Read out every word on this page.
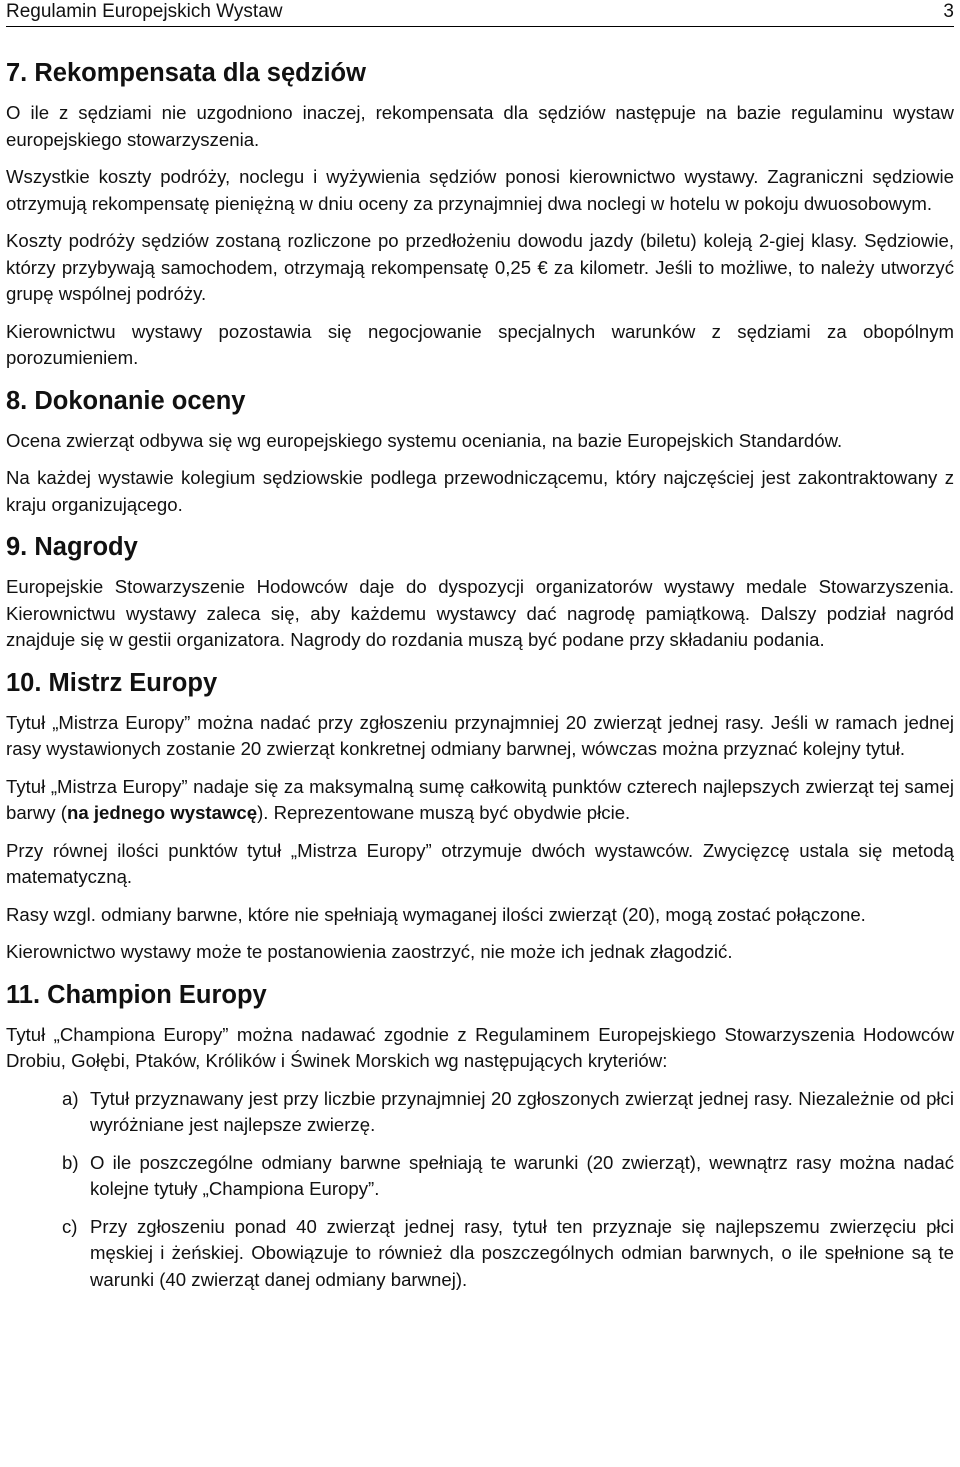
Regulamin Europejskich Wystaw	3
7. Rekompensata dla sędziów

O ile z sędziami nie uzgodniono inaczej, rekompensata dla sędziów następuje na bazie regulaminu wystaw europejskiego stowarzyszenia.

Wszystkie koszty podróży, noclegu i wyżywienia sędziów ponosi kierownictwo wystawy. Zagraniczni sędziowie otrzymują rekompensatę pieniężną w dniu oceny za przynajmniej dwa noclegi w hotelu w pokoju dwuosobowym.

Koszty podróży sędziów zostaną rozliczone po przedłożeniu dowodu jazdy (biletu) koleją 2-giej klasy. Sędziowie, którzy przybywają samochodem, otrzymają rekompensatę 0,25 € za kilometr. Jeśli to możliwe, to należy utworzyć grupę wspólnej podróży.

Kierownictwu wystawy pozostawia się negocjowanie specjalnych warunków z sędziami za obopólnym porozumieniem.

8. Dokonanie oceny

Ocena zwierząt odbywa się wg europejskiego systemu oceniania, na bazie Europejskich Standardów.

Na każdej wystawie kolegium sędziowskie podlega przewodniczącemu, który najczęściej jest zakontraktowany z kraju organizującego.

9. Nagrody

Europejskie Stowarzyszenie Hodowców daje do dyspozycji organizatorów wystawy medale Stowarzyszenia. Kierownictwu wystawy zaleca się, aby każdemu wystawcy dać nagrodę pamiątkową. Dalszy podział nagród znajduje się w gestii organizatora. Nagrody do rozdania muszą być podane przy składaniu podania.

10. Mistrz Europy

Tytuł „Mistrza Europy” można nadać przy zgłoszeniu przynajmniej 20 zwierząt jednej rasy. Jeśli w ramach jednej rasy wystawionych zostanie 20 zwierząt konkretnej odmiany barwnej, wówczas można przyznać kolejny tytuł.

Tytuł „Mistrza Europy” nadaje się za maksymalną sumę całkowitą punktów czterech najlepszych zwierząt tej samej barwy (na jednego wystawcę). Reprezentowane muszą być obydwie płcie.

Przy równej ilości punktów tytuł „Mistrza Europy” otrzymuje dwóch wystawców. Zwycięzcę ustala się metodą matematyczną.

Rasy wzgl. odmiany barwne, które nie spełniają wymaganej ilości zwierząt (20), mogą zostać połączone.

Kierownictwo wystawy może te postanowienia zaostrzyć, nie może ich jednak złagodzić.

11. Champion Europy

Tytuł „Championa Europy” można nadawać zgodnie z Regulaminem Europejskiego Stowarzyszenia Hodowców Drobiu, Gołębi, Ptaków, Królików i Świnek Morskich wg następujących kryteriów:

a) Tytuł przyznawany jest przy liczbie przynajmniej 20 zgłoszonych zwierząt jednej rasy. Niezależnie od płci wyróżniane jest najlepsze zwierzę.
b) O ile poszczególne odmiany barwne spełniają te warunki (20 zwierząt), wewnątrz rasy można nadać kolejne tytuły „Championa Europy”.
c) Przy zgłoszeniu ponad 40 zwierząt jednej rasy, tytuł ten przyznaje się najlepszemu zwierzęciu płci męskiej i żeńskiej. Obowiązuje to również dla poszczególnych odmian barwnych, o ile spełnione są te warunki (40 zwierząt danej odmiany barwnej).
